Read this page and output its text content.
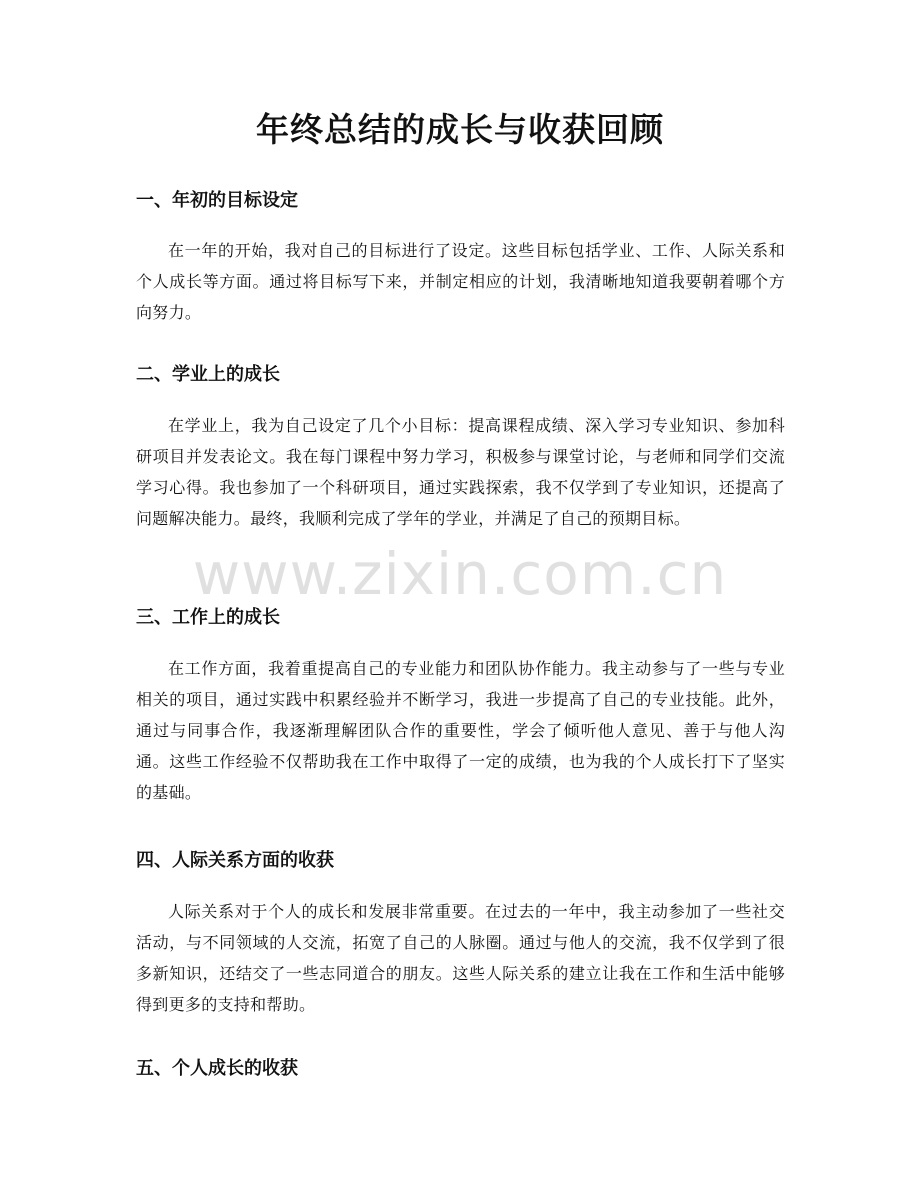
年终总结的成长与收获回顾
一、年初的目标设定

在一年的开始，我对自己的目标进行了设定。这些目标包括学业、工作、人际关系和个人成长等方面。通过将目标写下来，并制定相应的计划，我清晰地知道我要朝着哪个方向努力。

二、学业上的成长

在学业上，我为自己设定了几个小目标：提高课程成绩、深入学习专业知识、参加科研项目并发表论文。我在每门课程中努力学习，积极参与课堂讨论，与老师和同学们交流学习心得。我也参加了一个科研项目，通过实践探索，我不仅学到了专业知识，还提高了问题解决能力。最终，我顺利完成了学年的学业，并满足了自己的预期目标。

三、工作上的成长

在工作方面，我着重提高自己的专业能力和团队协作能力。我主动参与了一些与专业相关的项目，通过实践中积累经验并不断学习，我进一步提高了自己的专业技能。此外，通过与同事合作，我逐渐理解团队合作的重要性，学会了倾听他人意见、善于与他人沟通。这些工作经验不仅帮助我在工作中取得了一定的成绩，也为我的个人成长打下了坚实的基础。

四、人际关系方面的收获

人际关系对于个人的成长和发展非常重要。在过去的一年中，我主动参加了一些社交活动，与不同领域的人交流，拓宽了自己的人脉圈。通过与他人的交流，我不仅学到了很多新知识，还结交了一些志同道合的朋友。这些人际关系的建立让我在工作和生活中能够得到更多的支持和帮助。

五、个人成长的收获
www.zixin.com.cn
